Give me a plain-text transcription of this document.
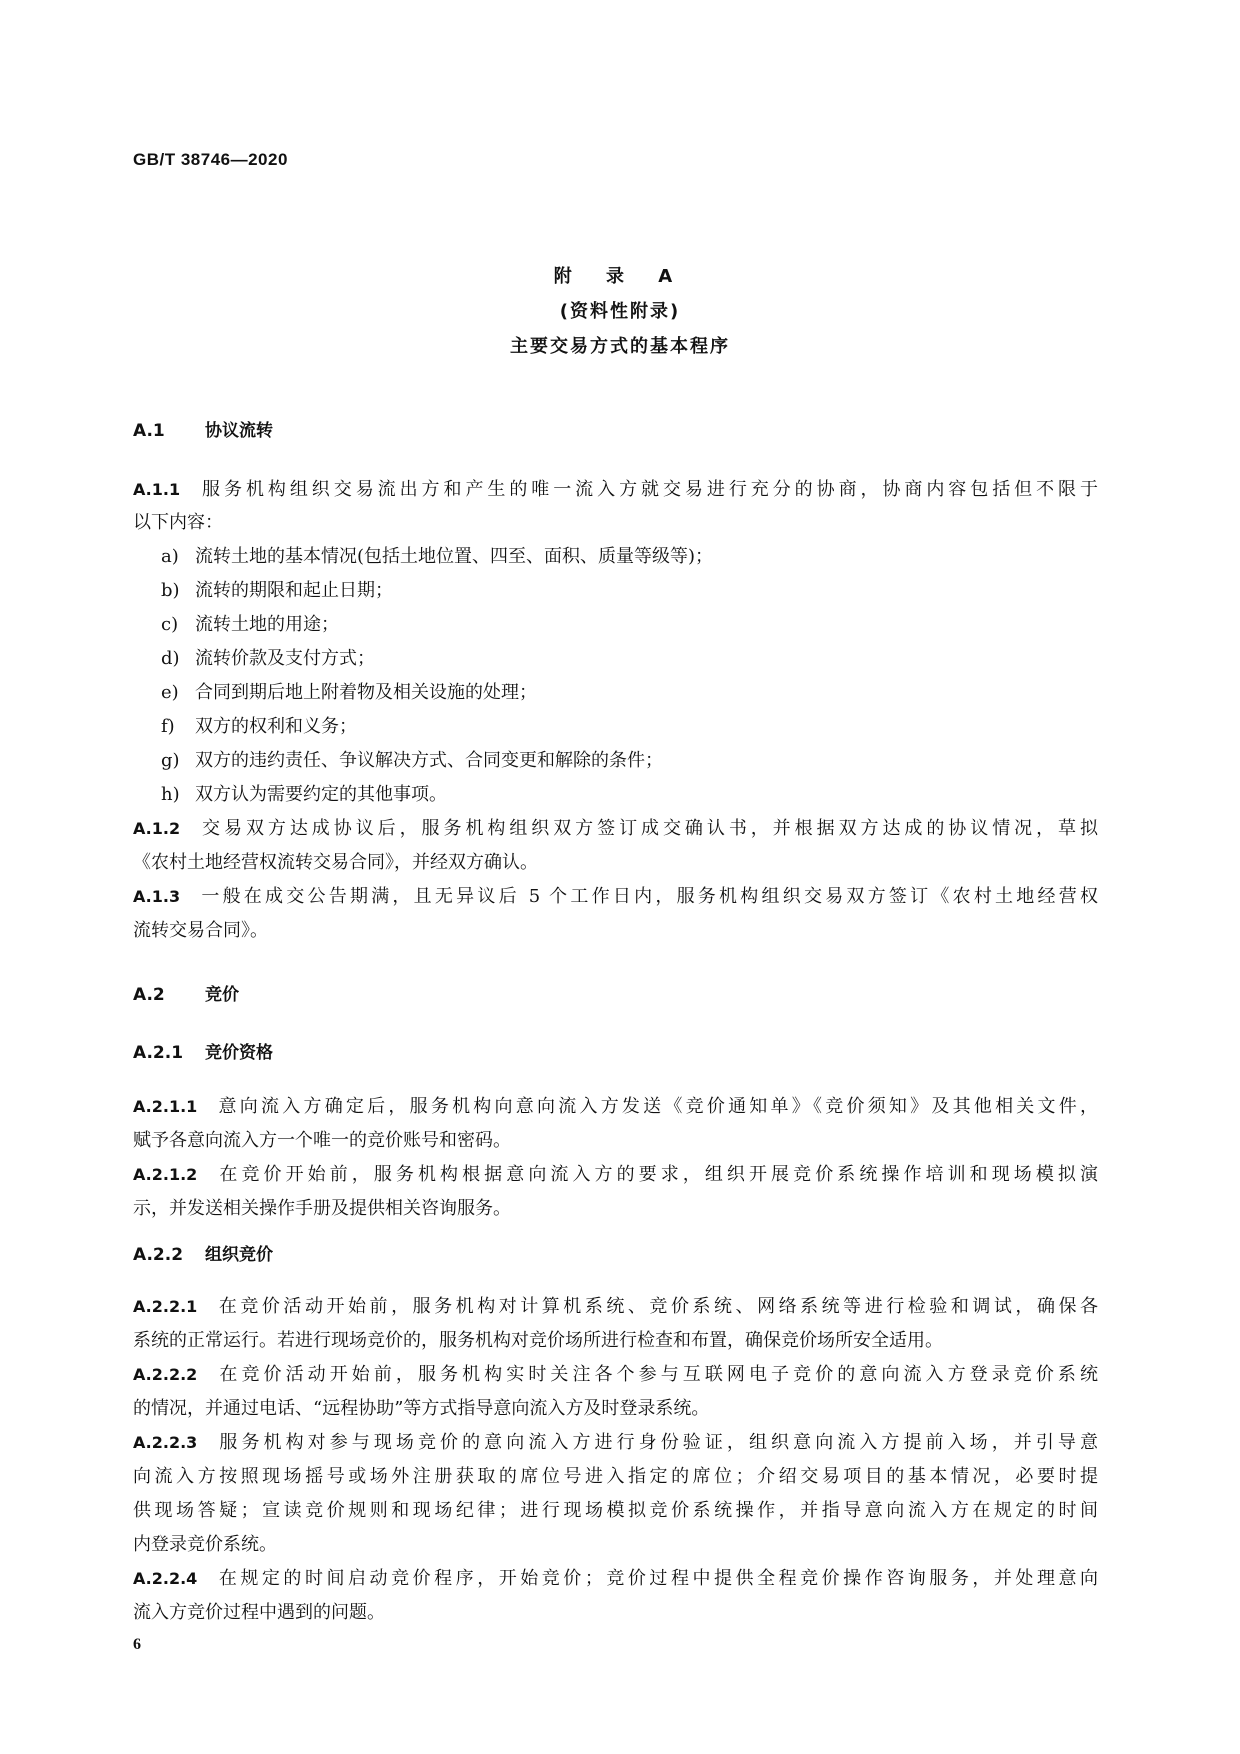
GB/T 38746—2020
附 录 A
(资料性附录)
主要交易方式的基本程序
A.1 协议流转
A.1.1 服务机构组织交易流出方和产生的唯一流入方就交易进行充分的协商，协商内容包括但不限于
以下内容：
a) 流转土地的基本情况(包括土地位置、四至、面积、质量等级等)；
b) 流转的期限和起止日期；
c) 流转土地的用途；
d) 流转价款及支付方式；
e) 合同到期后地上附着物及相关设施的处理；
f) 双方的权利和义务；
g) 双方的违约责任、争议解决方式、合同变更和解除的条件；
h) 双方认为需要约定的其他事项。
A.1.2 交易双方达成协议后，服务机构组织双方签订成交确认书，并根据双方达成的协议情况，草拟
《农村土地经营权流转交易合同》，并经双方确认。
A.1.3 一般在成交公告期满，且无异议后 5 个工作日内，服务机构组织交易双方签订《农村土地经营权
流转交易合同》。
A.2 竞价
A.2.1 竞价资格
A.2.1.1 意向流入方确定后，服务机构向意向流入方发送《竞价通知单》《竞价须知》及其他相关文件，
赋予各意向流入方一个唯一的竞价账号和密码。
A.2.1.2 在竞价开始前，服务机构根据意向流入方的要求，组织开展竞价系统操作培训和现场模拟演
示，并发送相关操作手册及提供相关咨询服务。
A.2.2 组织竞价
A.2.2.1 在竞价活动开始前，服务机构对计算机系统、竞价系统、网络系统等进行检验和调试，确保各
系统的正常运行。若进行现场竞价的，服务机构对竞价场所进行检查和布置，确保竞价场所安全适用。
A.2.2.2 在竞价活动开始前，服务机构实时关注各个参与互联网电子竞价的意向流入方登录竞价系统
的情况，并通过电话、“远程协助”等方式指导意向流入方及时登录系统。
A.2.2.3 服务机构对参与现场竞价的意向流入方进行身份验证，组织意向流入方提前入场，并引导意
向流入方按照现场摇号或场外注册获取的席位号进入指定的席位；介绍交易项目的基本情况，必要时提
供现场答疑；宣读竞价规则和现场纪律；进行现场模拟竞价系统操作，并指导意向流入方在规定的时间
内登录竞价系统。
A.2.2.4 在规定的时间启动竞价程序，开始竞价；竞价过程中提供全程竞价操作咨询服务，并处理意向
流入方竞价过程中遇到的问题。
6
